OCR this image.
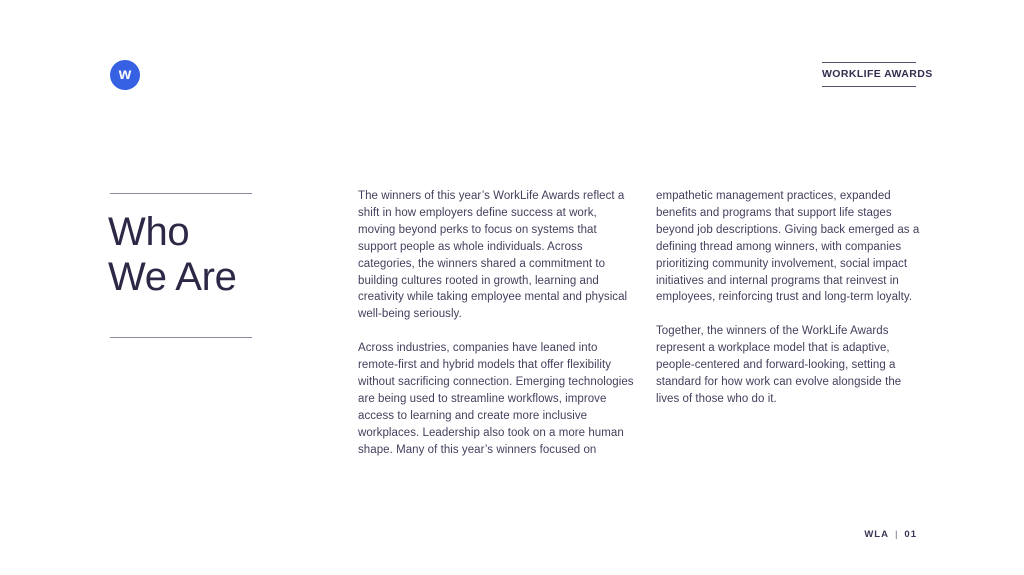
w	WORKLIFE AWARDS
Who
We Are

The winners of this year’s WorkLife Awards reflect a shift in how employers define success at work, moving beyond perks to focus on systems that support people as whole individuals. Across categories, the winners shared a commitment to building cultures rooted in growth, learning and creativity while taking employee mental and physical well-being seriously.

Across industries, companies have leaned into remote-first and hybrid models that offer flexibility without sacrificing connection. Emerging technologies are being used to streamline workflows, improve access to learning and create more inclusive workplaces. Leadership also took on a more human shape. Many of this year’s winners focused on

empathetic management practices, expanded benefits and programs that support life stages beyond job descriptions. Giving back emerged as a defining thread among winners, with companies prioritizing community involvement, social impact initiatives and internal programs that reinvest in employees, reinforcing trust and long-term loyalty.

Together, the winners of the WorkLife Awards represent a workplace model that is adaptive, people-centered and forward-looking, setting a standard for how work can evolve alongside the lives of those who do it.

WLA | 01
